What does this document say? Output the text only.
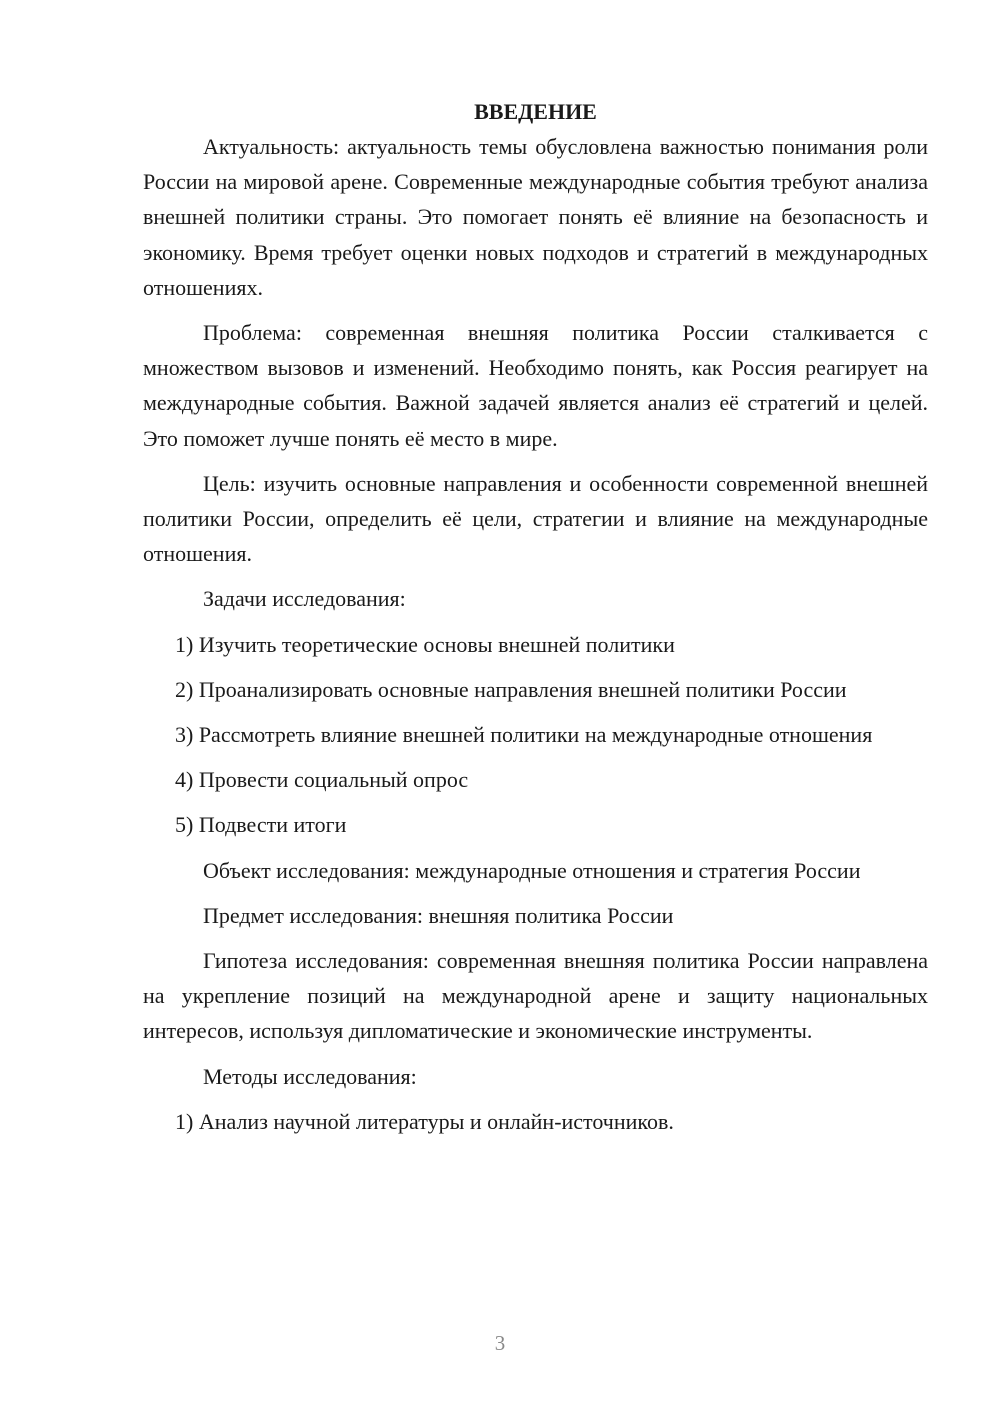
ВВЕДЕНИЕ

Актуальность: актуальность темы обусловлена важностью понимания роли России на мировой арене. Современные международные события требуют анализа внешней политики страны. Это помогает понять её влияние на безопасность и экономику. Время требует оценки новых подходов и стратегий в международных отношениях.

Проблема: современная внешняя политика России сталкивается с множеством вызовов и изменений. Необходимо понять, как Россия реагирует на международные события. Важной задачей является анализ её стратегий и целей. Это поможет лучше понять её место в мире.

Цель: изучить основные направления и особенности современной внешней политики России, определить её цели, стратегии и влияние на международные отношения.

Задачи исследования:

1) Изучить теоретические основы внешней политики

2) Проанализировать основные направления внешней политики России

3) Рассмотреть влияние внешней политики на международные отношения

4) Провести социальный опрос

5) Подвести итоги

Объект исследования: международные отношения и стратегия России

Предмет исследования: внешняя политика России

Гипотеза исследования: современная внешняя политика России направлена на укрепление позиций на международной арене и защиту национальных интересов, используя дипломатические и экономические инструменты.

Методы исследования:

1) Анализ научной литературы и онлайн-источников.

3
